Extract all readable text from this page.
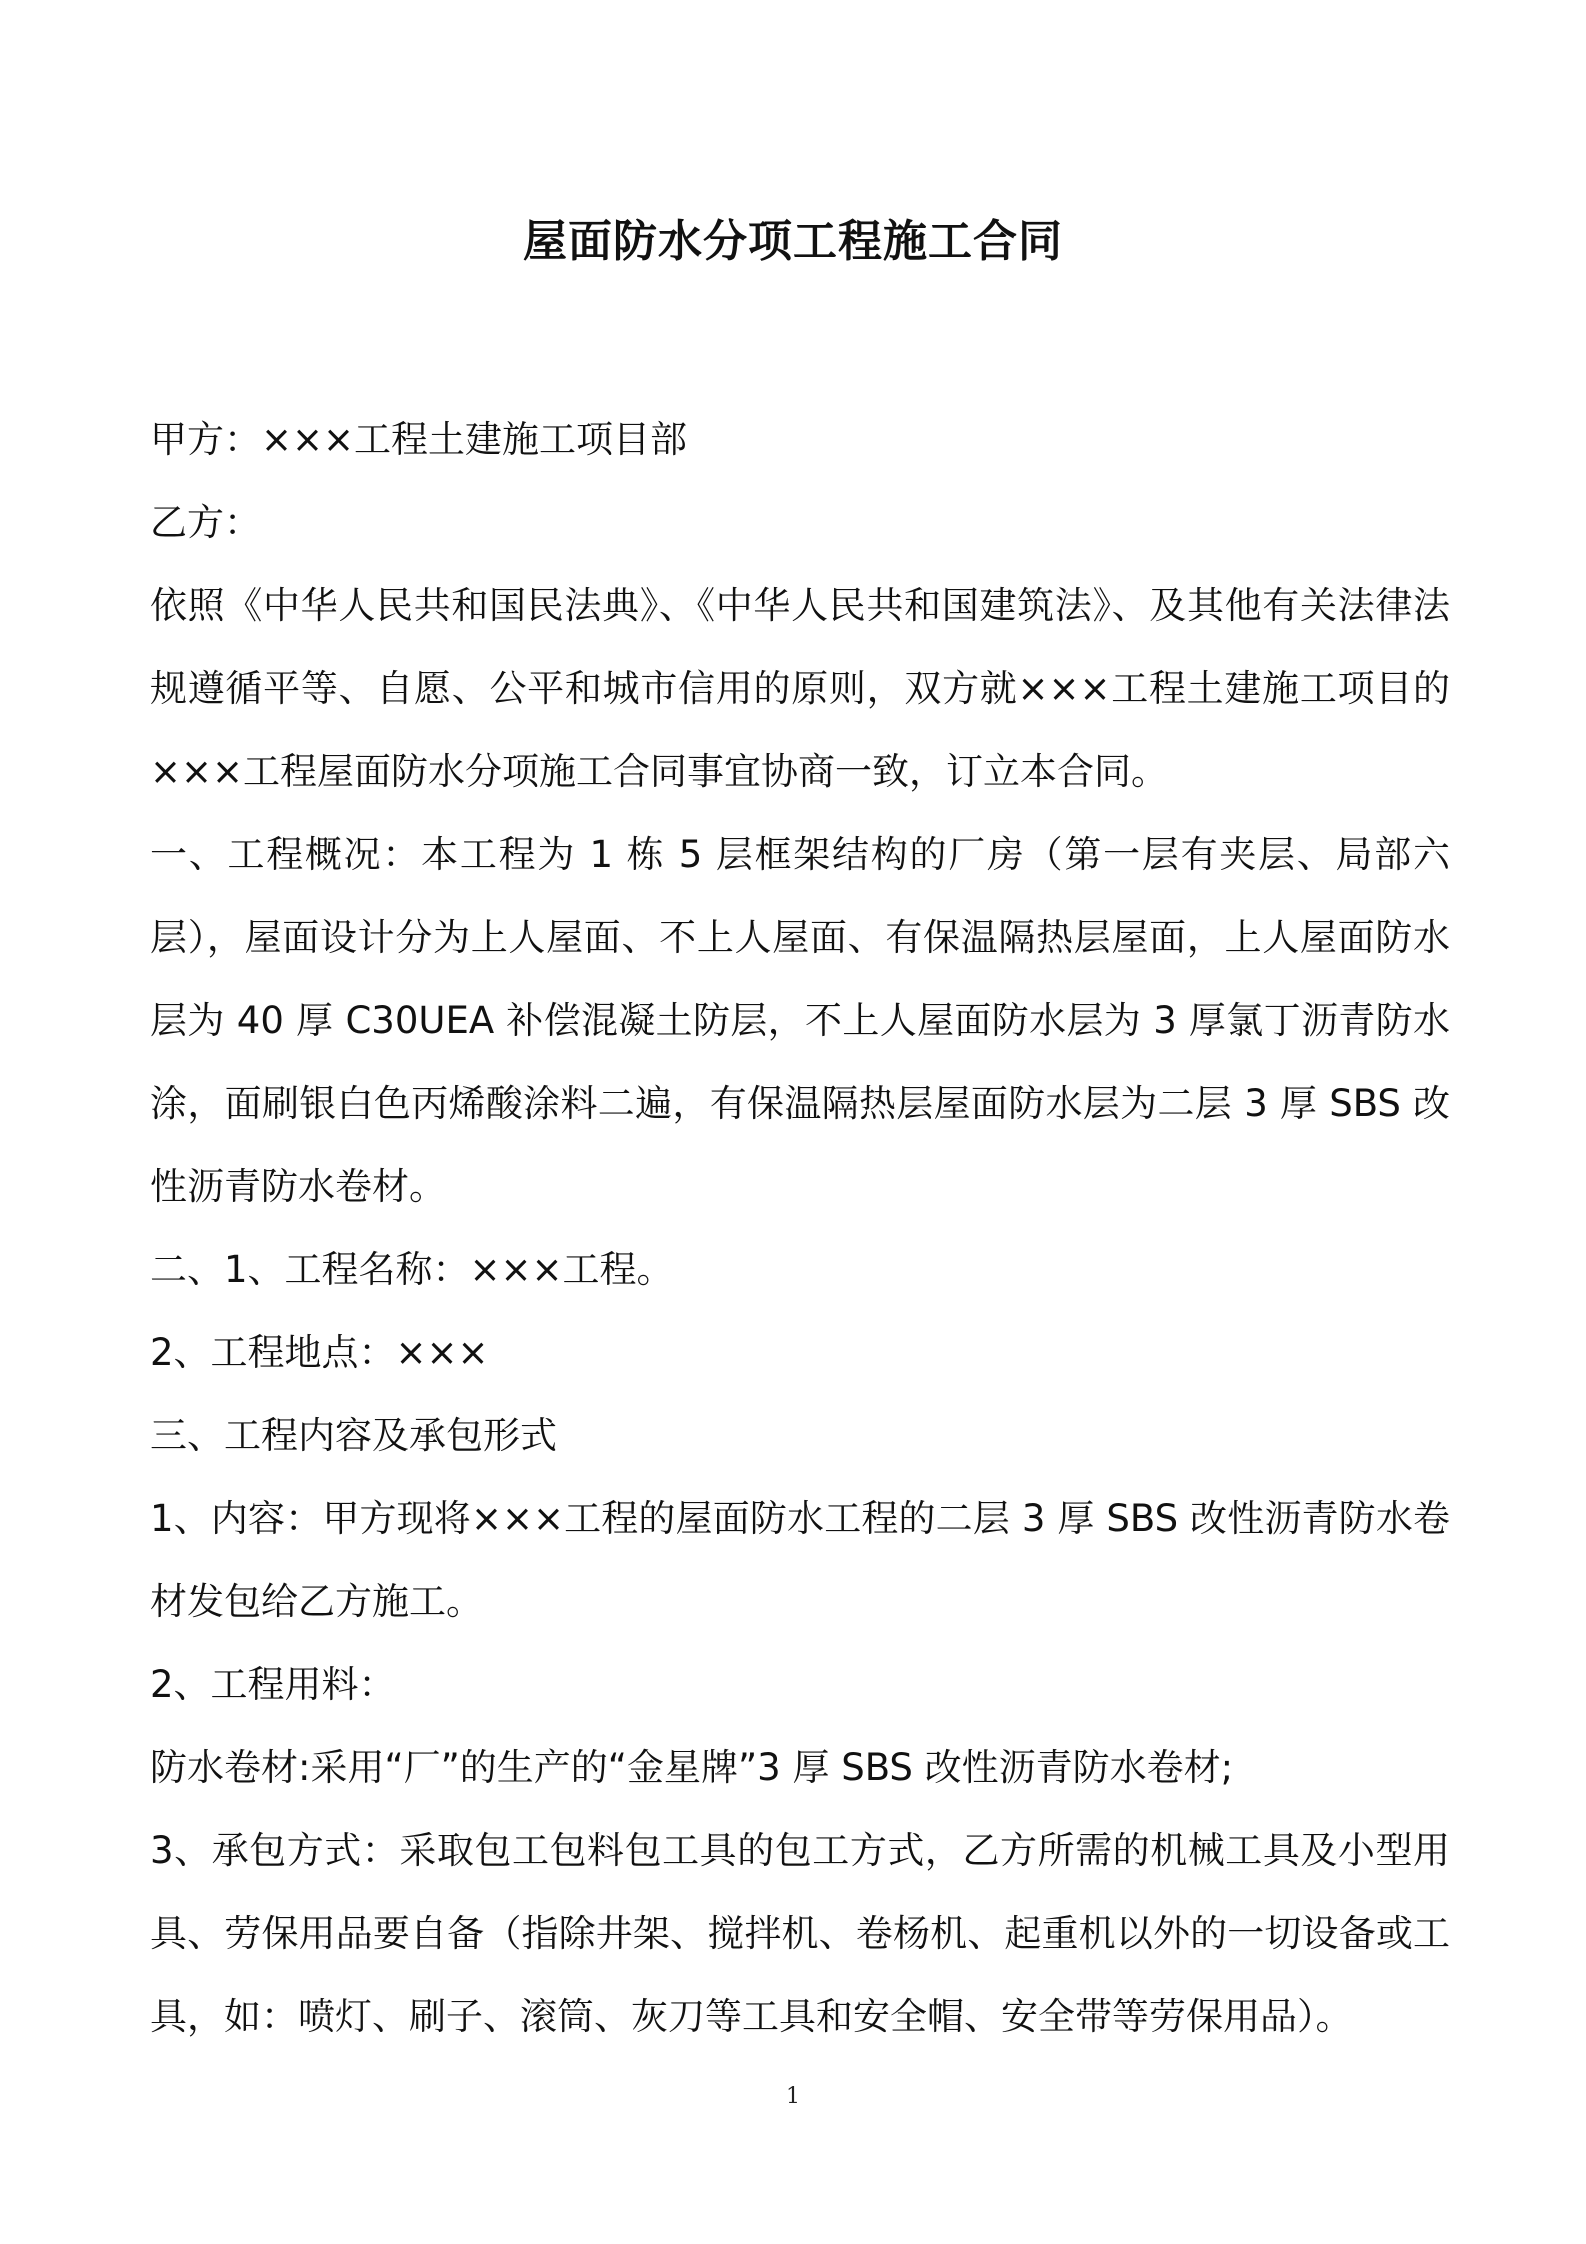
屋面防水分项工程施工合同

甲方：×××工程土建施工项目部

乙方：

依照《中华人民共和国民法典》、《中华人民共和国建筑法》、及其他有关法律法规遵循平等、自愿、公平和城市信用的原则，双方就×××工程土建施工项目的×××工程屋面防水分项施工合同事宜协商一致，订立本合同。

一、工程概况：本工程为 1 栋 5 层框架结构的厂房（第一层有夹层、局部六层），屋面设计分为上人屋面、不上人屋面、有保温隔热层屋面，上人屋面防水层为 40 厚 C30UEA 补偿混凝土防层，不上人屋面防水层为 3 厚氯丁沥青防水涂，面刷银白色丙烯酸涂料二遍，有保温隔热层屋面防水层为二层 3 厚 SBS 改性沥青防水卷材。

二、1、工程名称：×××工程。

2、工程地点：×××

三、工程内容及承包形式

1、内容：甲方现将×××工程的屋面防水工程的二层 3 厚 SBS 改性沥青防水卷材发包给乙方施工。

2、工程用料：

防水卷材:采用“厂”的生产的“金星牌”3 厚 SBS 改性沥青防水卷材;

3、承包方式：采取包工包料包工具的包工方式，乙方所需的机械工具及小型用具、劳保用品要自备（指除井架、搅拌机、卷杨机、起重机以外的一切设备或工具，如：喷灯、刷子、滚筒、灰刀等工具和安全帽、安全带等劳保用品）。

1
